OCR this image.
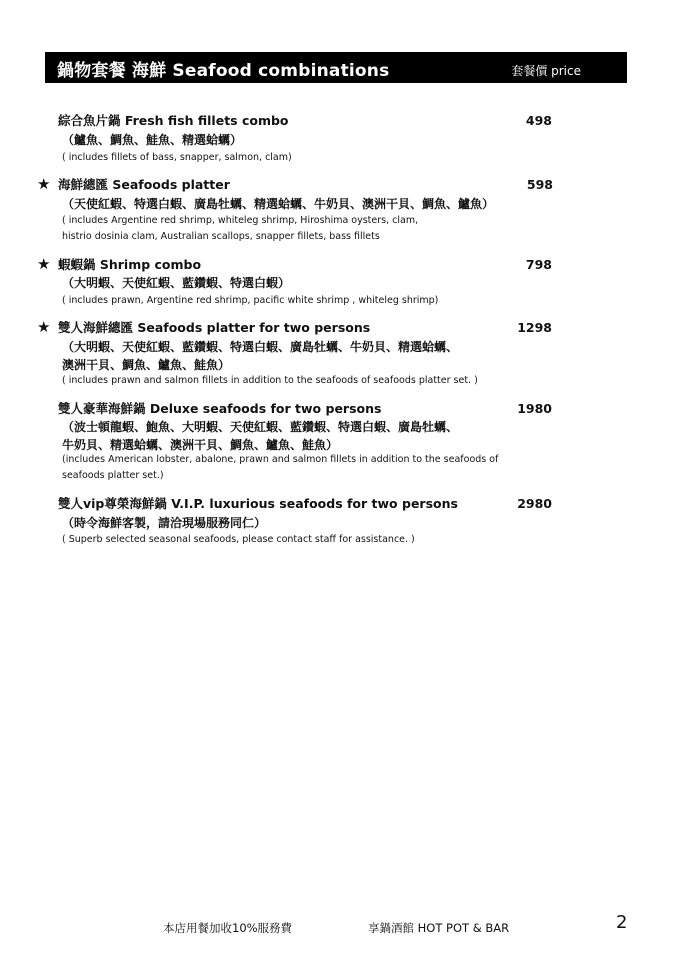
鍋物套餐 海鮮 Seafood combinations	套餐價 price
綜合魚片鍋 Fresh fish fillets combo	498
（鱸魚、鯛魚、鮭魚、精選蛤蠣）
( includes fillets of bass, snapper, salmon, clam)
★ 海鮮總匯 Seafoods platter	598
（天使紅蝦、特選白蝦、廣島牡蠣、精選蛤蠣、牛奶貝、澳洲干貝、鯛魚、鱸魚）
( includes Argentine red shrimp, whiteleg shrimp, Hiroshima oysters, clam,
histrio dosinia clam, Australian scallops, snapper fillets, bass fillets
★ 蝦蝦鍋 Shrimp combo	798
（大明蝦、天使紅蝦、藍鑽蝦、特選白蝦）
( includes prawn, Argentine red shrimp, pacific white shrimp , whiteleg shrimp)
★ 雙人海鮮總匯 Seafoods platter for two persons	1298
（大明蝦、天使紅蝦、藍鑽蝦、特選白蝦、廣島牡蠣、牛奶貝、精選蛤蠣、
澳洲干貝、鯛魚、鱸魚、鮭魚）
( includes prawn and salmon fillets in addition to the seafoods of seafoods platter set. )
雙人豪華海鮮鍋 Deluxe seafoods for two persons	1980
（波士頓龍蝦、鮑魚、大明蝦、天使紅蝦、藍鑽蝦、特選白蝦、廣島牡蠣、
牛奶貝、精選蛤蠣、澳洲干貝、鯛魚、鱸魚、鮭魚）
(includes American lobster, abalone, prawn and salmon fillets in addition to the seafoods of
seafoods platter set.)
雙人vip尊榮海鮮鍋 V.I.P. luxurious seafoods for two persons	2980
（時令海鮮客製，請洽現場服務同仁）
( Superb selected seasonal seafoods, please contact staff for assistance. )
本店用餐加收10%服務費	享鍋酒館 HOT POT & BAR	2
